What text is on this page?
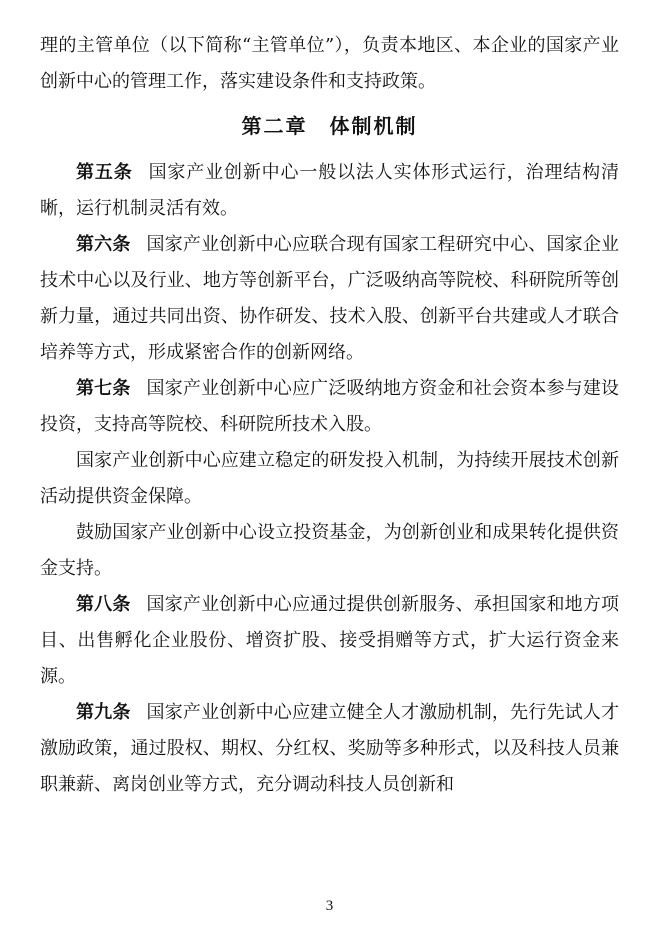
理的主管单位（以下简称“主管单位”），负责本地区、本企业的国家产业创新中心的管理工作，落实建设条件和支持政策。

第二章　体制机制

第五条 国家产业创新中心一般以法人实体形式运行，治理结构清晰，运行机制灵活有效。

第六条 国家产业创新中心应联合现有国家工程研究中心、国家企业技术中心以及行业、地方等创新平台，广泛吸纳高等院校、科研院所等创新力量，通过共同出资、协作研发、技术入股、创新平台共建或人才联合培养等方式，形成紧密合作的创新网络。

第七条 国家产业创新中心应广泛吸纳地方资金和社会资本参与建设投资，支持高等院校、科研院所技术入股。

国家产业创新中心应建立稳定的研发投入机制，为持续开展技术创新活动提供资金保障。

鼓励国家产业创新中心设立投资基金，为创新创业和成果转化提供资金支持。

第八条 国家产业创新中心应通过提供创新服务、承担国家和地方项目、出售孵化企业股份、增资扩股、接受捐赠等方式，扩大运行资金来源。

第九条 国家产业创新中心应建立健全人才激励机制，先行先试人才激励政策，通过股权、期权、分红权、奖励等多种形式，以及科技人员兼职兼薪、离岗创业等方式，充分调动科技人员创新和

3
